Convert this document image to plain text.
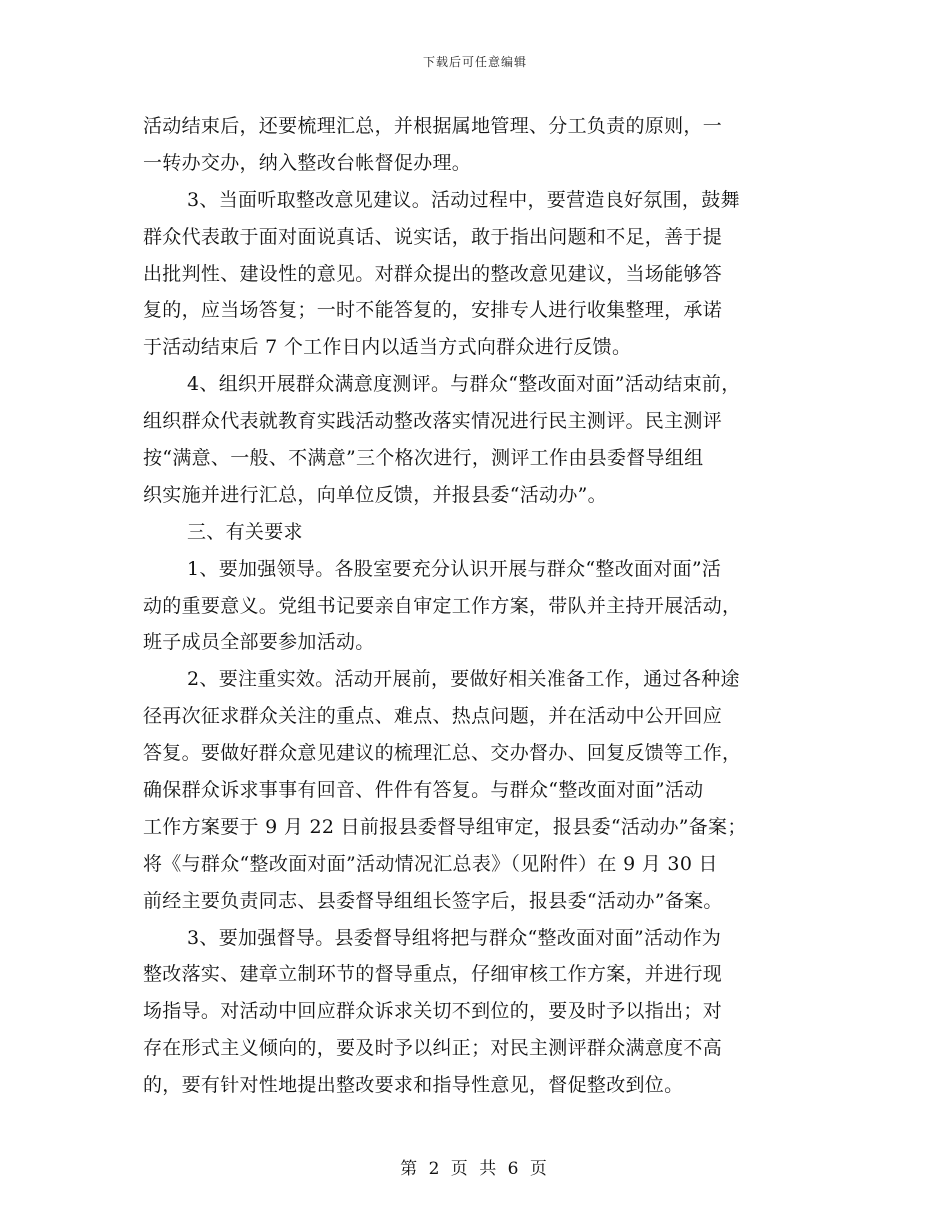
下载后可任意编辑
活动结束后，还要梳理汇总，并根据属地管理、分工负责的原则，一
一转办交办，纳入整改台帐督促办理。
3、当面听取整改意见建议。活动过程中，要营造良好氛围，鼓舞
群众代表敢于面对面说真话、说实话，敢于指出问题和不足，善于提
出批判性、建设性的意见。对群众提出的整改意见建议，当场能够答
复的，应当场答复；一时不能答复的，安排专人进行收集整理，承诺
于活动结束后 7 个工作日内以适当方式向群众进行反馈。
4、组织开展群众满意度测评。与群众“整改面对面”活动结束前，
组织群众代表就教育实践活动整改落实情况进行民主测评。民主测评
按“满意、一般、不满意”三个格次进行，测评工作由县委督导组组
织实施并进行汇总，向单位反馈，并报县委“活动办”。
三、有关要求
1、要加强领导。各股室要充分认识开展与群众“整改面对面”活
动的重要意义。党组书记要亲自审定工作方案，带队并主持开展活动，
班子成员全部要参加活动。
2、要注重实效。活动开展前，要做好相关准备工作，通过各种途
径再次征求群众关注的重点、难点、热点问题，并在活动中公开回应
答复。要做好群众意见建议的梳理汇总、交办督办、回复反馈等工作，
确保群众诉求事事有回音、件件有答复。与群众“整改面对面”活动
工作方案要于 9 月 22 日前报县委督导组审定，报县委“活动办”备案；
将《与群众“整改面对面”活动情况汇总表》（见附件）在 9 月 30 日
前经主要负责同志、县委督导组组长签字后，报县委“活动办”备案。
3、要加强督导。县委督导组将把与群众“整改面对面”活动作为
整改落实、建章立制环节的督导重点，仔细审核工作方案，并进行现
场指导。对活动中回应群众诉求关切不到位的，要及时予以指出；对
存在形式主义倾向的，要及时予以纠正；对民主测评群众满意度不高
的，要有针对性地提出整改要求和指导性意见，督促整改到位。
第 2 页 共 6 页
